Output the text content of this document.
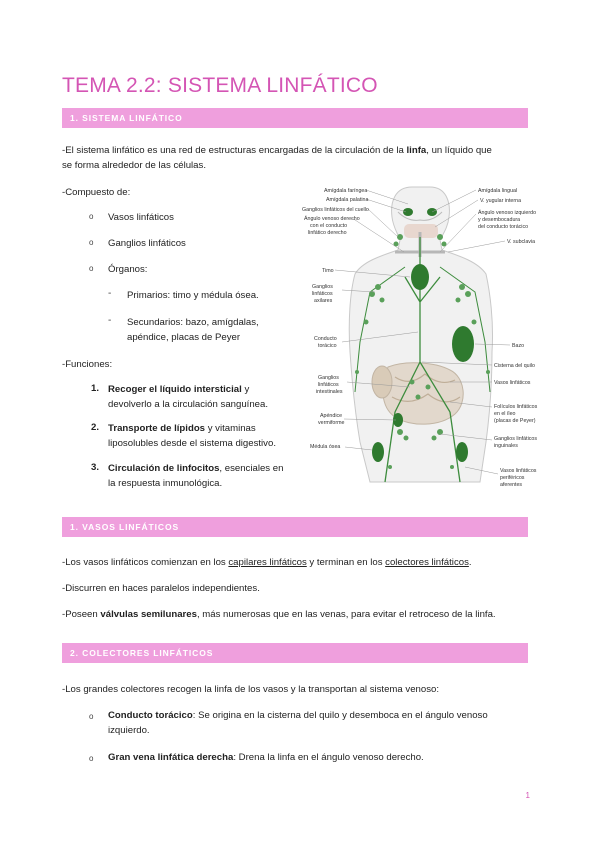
TEMA 2.2: SISTEMA LINFÁTICO
1. SISTEMA LINFÁTICO
-El sistema linfático es una red de estructuras encargadas de la circulación de la linfa, un líquido que
se forma alrededor de las células.
-Compuesto de:
o Vasos linfáticos
o Ganglios linfáticos
o Órganos:
- Primarios: timo y médula ósea.
- Secundarios: bazo, amígdalas,
apéndice, placas de Peyer
-Funciones:
1. Recoger el líquido intersticial y
devolverlo a la circulación sanguínea.
2. Transporte de lípidos y vitaminas
liposolubles desde el sistema digestivo.
3. Circulación de linfocitos, esenciales en
la respuesta inmunológica.
Amígdala faríngea
Amígdala palatina
Ganglios linfáticos del cuello
Ángulo venoso derecho
con el conducto
linfático derecho
Timo
Ganglios
linfáticos
axilares
Conducto
torácico
Ganglios
linfáticos
intestinales
Apéndice
vermiforme
Médula ósea
Amígdala lingual
V. yugular interna
Ángulo venoso izquierdo
y desembocadura
del conducto torácico
V. subclavia
Bazo
Cisterna del quilo
Vasos linfáticos
Folículos linfáticos
en el íleo
(placas de Peyer)
Ganglios linfáticos
inguinales
Vasos linfáticos
periféricos
aferentes
1. VASOS LINFÁTICOS
-Los vasos linfáticos comienzan en los capilares linfáticos y terminan en los colectores linfáticos.
-Discurren en haces paralelos independientes.
-Poseen válvulas semilunares, más numerosas que en las venas, para evitar el retroceso de la linfa.
2. COLECTORES LINFÁTICOS
-Los grandes colectores recogen la linfa de los vasos y la transportan al sistema venoso:
o Conducto torácico: Se origina en la cisterna del quilo y desemboca en el ángulo venoso
izquierdo.
o Gran vena linfática derecha: Drena la linfa en el ángulo venoso derecho.
1
